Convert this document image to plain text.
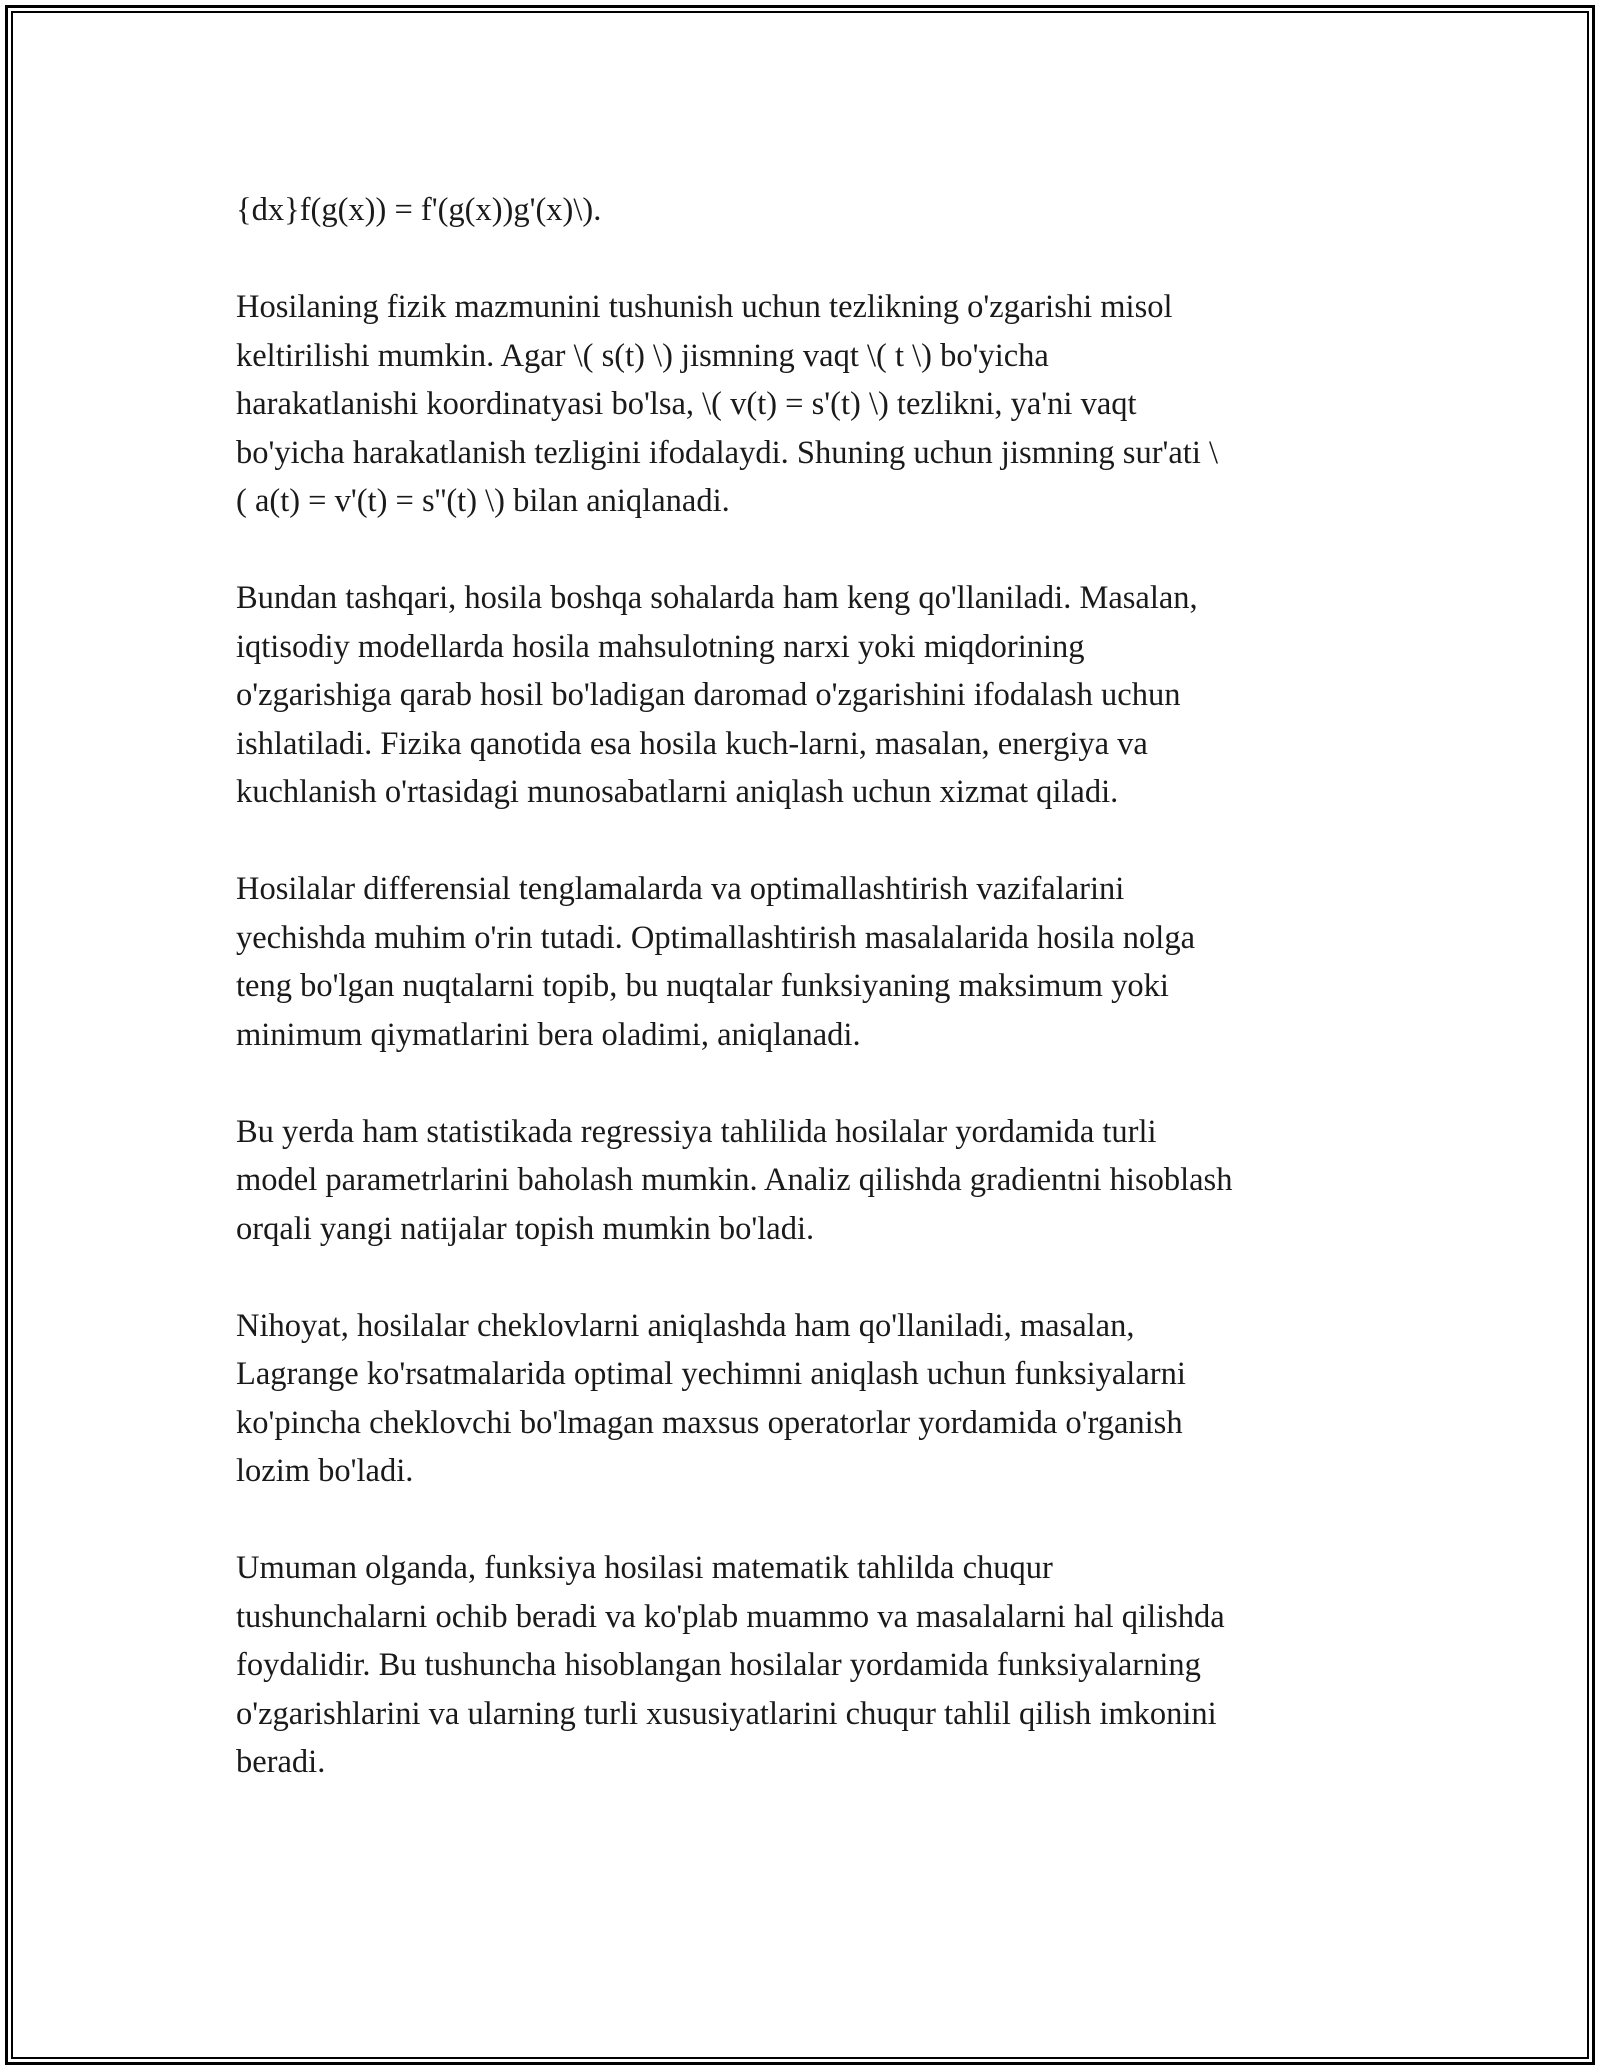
{dx}f(g(x)) = f'(g(x))g'(x)\).

Hosilaning fizik mazmunini tushunish uchun tezlikning o'zgarishi misol
keltirilishi mumkin. Agar \( s(t) \) jismning vaqt \( t \) bo'yicha
harakatlanishi koordinatyasi bo'lsa, \( v(t) = s'(t) \) tezlikni, ya'ni vaqt
bo'yicha harakatlanish tezligini ifodalaydi. Shuning uchun jismning sur'ati \
( a(t) = v'(t) = s''(t) \) bilan aniqlanadi.

Bundan tashqari, hosila boshqa sohalarda ham keng qo'llaniladi. Masalan,
iqtisodiy modellarda hosila mahsulotning narxi yoki miqdorining
o'zgarishiga qarab hosil bo'ladigan daromad o'zgarishini ifodalash uchun
ishlatiladi. Fizika qanotida esa hosila kuch-larni, masalan, energiya va
kuchlanish o'rtasidagi munosabatlarni aniqlash uchun xizmat qiladi.

Hosilalar differensial tenglamalarda va optimallashtirish vazifalarini
yechishda muhim o'rin tutadi. Optimallashtirish masalalarida hosila nolga
teng bo'lgan nuqtalarni topib, bu nuqtalar funksiyaning maksimum yoki
minimum qiymatlarini bera oladimi, aniqlanadi.

Bu yerda ham statistikada regressiya tahlilida hosilalar yordamida turli
model parametrlarini baholash mumkin. Analiz qilishda gradientni hisoblash
orqali yangi natijalar topish mumkin bo'ladi.

Nihoyat, hosilalar cheklovlarni aniqlashda ham qo'llaniladi, masalan,
Lagrange ko'rsatmalarida optimal yechimni aniqlash uchun funksiyalarni
ko'pincha cheklovchi bo'lmagan maxsus operatorlar yordamida o'rganish
lozim bo'ladi.

Umuman olganda, funksiya hosilasi matematik tahlilda chuqur
tushunchalarni ochib beradi va ko'plab muammo va masalalarni hal qilishda
foydalidir. Bu tushuncha hisoblangan hosilalar yordamida funksiyalarning
o'zgarishlarini va ularning turli xususiyatlarini chuqur tahlil qilish imkonini
beradi.
